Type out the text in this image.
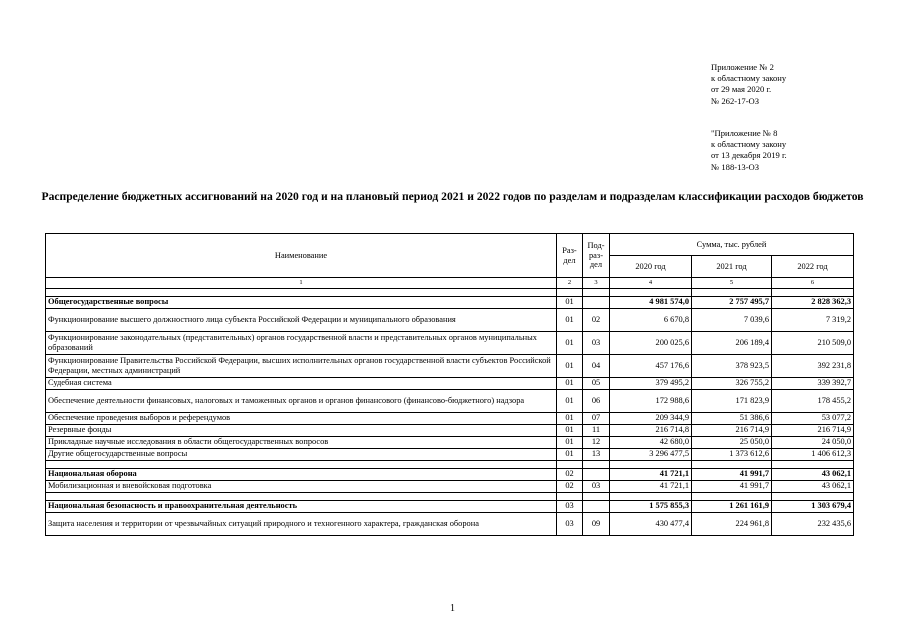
Приложение № 2
к областному закону
от 29 мая 2020 г.
№ 262-17-ОЗ
"Приложение № 8
к областному закону
от 13 декабря 2019 г.
№ 188-13-ОЗ
Распределение бюджетных ассигнований на 2020 год и на плановый период 2021 и 2022 годов по разделам и подразделам классификации расходов бюджетов
Наименование	Раз-дел	Под-раз-дел	Сумма, тыс. рублей		
			2020 год	2021 год	2022 год
1	2	3	4	5	6

Общегосударственные вопросы	01		4 981 574,0	2 757 495,7	2 828 362,3
Функционирование высшего должностного лица субъекта Российской Федерации и муниципального образования	01	02	6 670,8	7 039,6	7 319,2
Функционирование законодательных (представительных) органов государственной власти и представительных органов муниципальных образований	01	03	200 025,6	206 189,4	210 509,0
Функционирование Правительства Российской Федерации, высших исполнительных органов государственной власти субъектов Российской Федерации, местных администраций	01	04	457 176,6	378 923,5	392 231,8
Судебная система	01	05	379 495,2	326 755,2	339 392,7
Обеспечение деятельности финансовых, налоговых и таможенных органов и органов финансового (финансово-бюджетного) надзора	01	06	172 988,6	171 823,9	178 455,2
Обеспечение проведения выборов и референдумов	01	07	209 344,9	51 386,6	53 077,2
Резервные фонды	01	11	216 714,8	216 714,9	216 714,9
Прикладные научные исследования в области общегосударственных вопросов	01	12	42 680,0	25 050,0	24 050,0
Другие общегосударственные вопросы	01	13	3 296 477,5	1 373 612,6	1 406 612,3

Национальная оборона	02		41 721,1	41 991,7	43 062,1
Мобилизационная и вневойсковая подготовка	02	03	41 721,1	41 991,7	43 062,1

Национальная безопасность и правоохранительная деятельность	03		1 575 855,3	1 261 161,9	1 303 679,4
Защита населения и территории от чрезвычайных ситуаций природного и техногенного характера, гражданская оборона	03	09	430 477,4	224 961,8	232 435,6
1
